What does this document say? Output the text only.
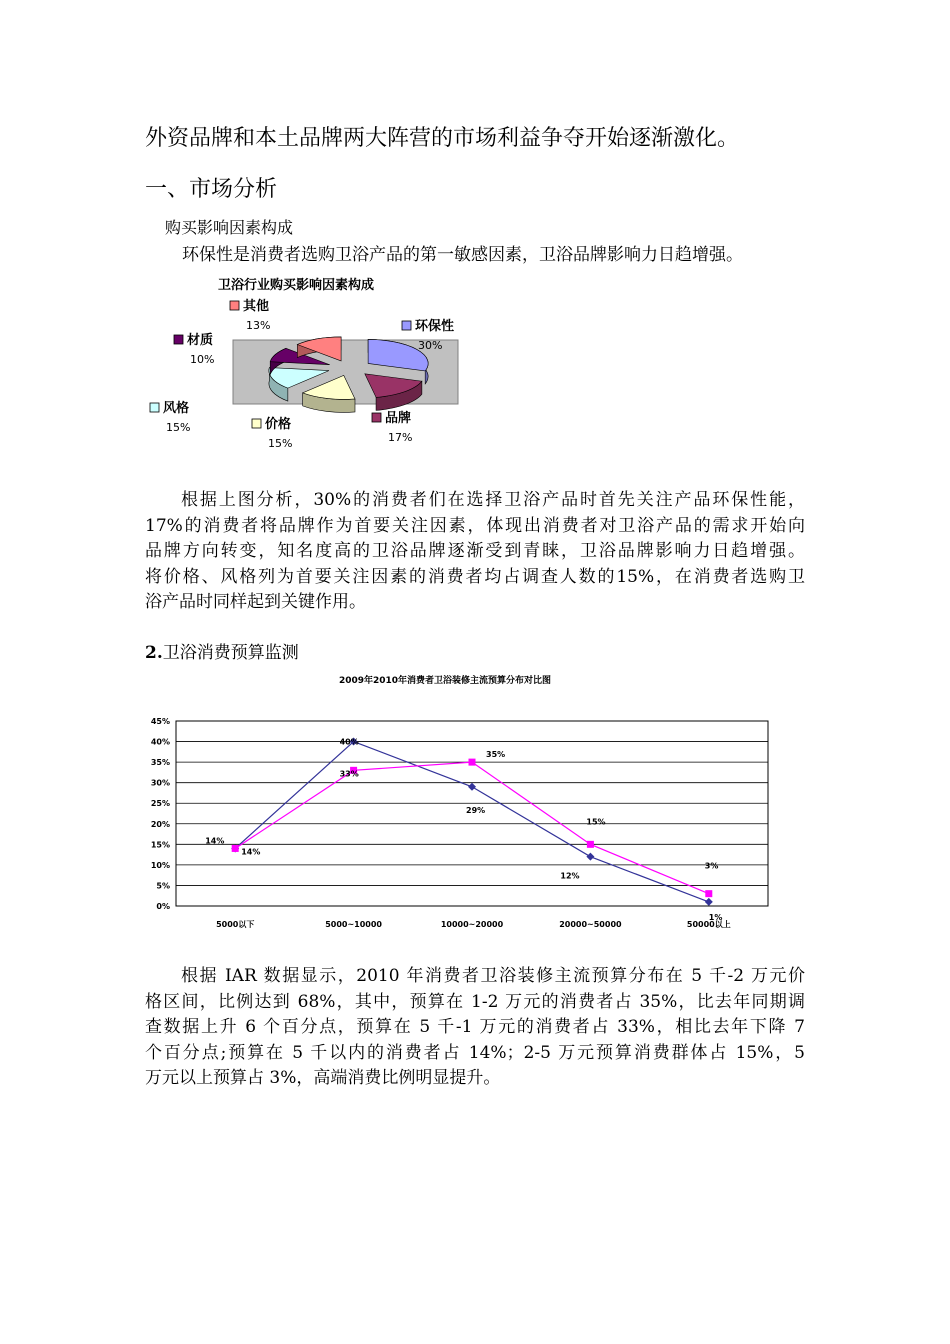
外资品牌和本土品牌两大阵营的市场利益争夺开始逐渐激化。
一、市场分析
购买影响因素构成
环保性是消费者选购卫浴产品的第一敏感因素，卫浴品牌影响力日趋增强。
卫浴行业购买影响因素构成
环保性
30%
品牌
17%
价格
15%
风格
15%
材质
10%
其他
13%
根据上图分析，30%的消费者们在选择卫浴产品时首先关注产品环保性能，
17%的消费者将品牌作为首要关注因素，体现出消费者对卫浴产品的需求开始向
品牌方向转变，知名度高的卫浴品牌逐渐受到青睐，卫浴品牌影响力日趋增强。
将价格、风格列为首要关注因素的消费者均占调查人数的15%，在消费者选购卫
浴产品时同样起到关键作用。
2.卫浴消费预算监测
2009年2010年消费者卫浴装修主流预算分布对比图
0%
5%
10%
15%
20%
25%
30%
35%
40%
45%
5000以下	5000~10000	10000~20000	20000~50000	50000以上
14%
40%
29%
12%
1%
14%
33%
35%
15%
3%
根据 IAR 数据显示，2010 年消费者卫浴装修主流预算分布在 5 千-2 万元价
格区间，比例达到 68%，其中，预算在 1-2 万元的消费者占 35%，比去年同期调
查数据上升 6 个百分点，预算在 5 千-1 万元的消费者占 33%，相比去年下降 7
个百分点;预算在 5 千以内的消费者占 14%；2-5 万元预算消费群体占 15%，5
万元以上预算占 3%，高端消费比例明显提升。
